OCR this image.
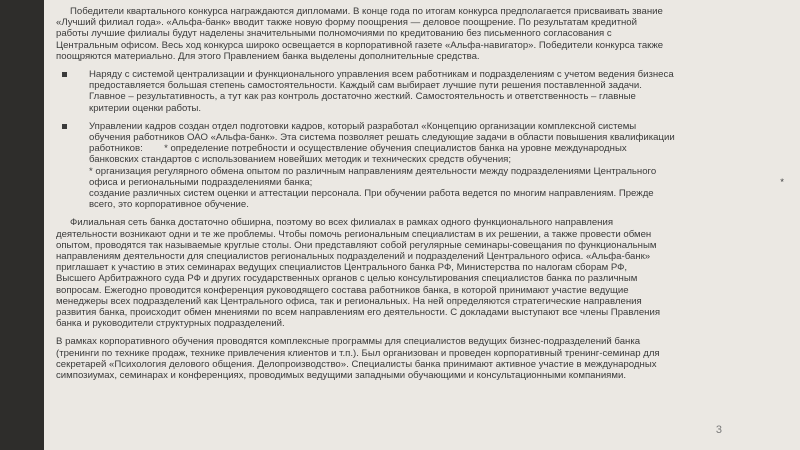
Победители квартального конкурса награждаются дипломами. В конце года по итогам конкурса предполагается присваивать звание
«Лучший филиал года». «Альфа-банк» вводит также новую форму поощрения — деловое поощрение. По результатам кредитной
работы лучшие филиалы будут наделены значительными полномочиями по кредитованию без письменного согласования с
Центральным офисом. Весь ход конкурса широко освещается в корпоративной газете «Альфа-навигатор». Победители конкурса также
поощряются материально. Для этого Правлением банка выделены дополнительные средства.
Наряду с системой централизации и функционального управления всем работникам и подразделениям с учетом ведения бизнеса
предоставляется большая степень самостоятельности. Каждый сам выбирает лучшие пути решения поставленной задачи.
Главное – результативность, а тут как раз контроль достаточно жесткий. Самостоятельность и ответственность – главные
критерии оценки работы.
Управлении кадров создан отдел подготовки кадров, который разработал «Концепцию организации комплексной системы
обучения работников ОАО «Альфа-банк». Эта система позволяет решать следующие задачи в области повышения квалификации
работников:        * определение потребности и осуществление обучения специалистов банка на уровне международных
банковских стандартов с использованием новейших методик и технических средств обучения;
* организация регулярного обмена опытом по различным направлениям деятельности между подразделениями Центрального
офиса и региональными подразделениями банка;	*
создание различных систем оценки и аттестации персонала. При обучении работа ведется по многим направлениям. Прежде
всего, это корпоративное обучение.
Филиальная сеть банка достаточно обширна, поэтому во всех филиалах в рамках одного функционального направления
деятельности возникают одни и те же проблемы. Чтобы помочь региональным специалистам в их решении, а также провести обмен
опытом, проводятся так называемые круглые столы. Они представляют собой регулярные семинары-совещания по функциональным
направлениям деятельности для специалистов региональных подразделений и подразделений Центрального офиса. «Альфа-банк»
приглашает к участию в этих семинарах ведущих специалистов Центрального банка РФ, Министерства по налогам сборам РФ,
Высшего Арбитражного суда РФ и других государственных органов с целью консультирования специалистов банка по различным
вопросам. Ежегодно проводится конференция руководящего состава работников банка, в которой принимают участие ведущие
менеджеры всех подразделений как Центрального офиса, так и региональных. На ней определяются стратегические направления
развития банка, происходит обмен мнениями по всем направлениям его деятельности. С докладами выступают все члены Правления
банка и руководители структурных подразделений.
В рамках корпоративного обучения проводятся комплексные программы для специалистов ведущих бизнес-подразделений банка
(тренинги по технике продаж, технике привлечения клиентов и т.п.). Был организован и проведен корпоративный тренинг-семинар для
секретарей «Психология делового общения. Делопроизводство». Специалисты банка принимают активное участие в международных
симпозиумах, семинарах и конференциях, проводимых ведущими западными обучающими и консультационными компаниями.
3
